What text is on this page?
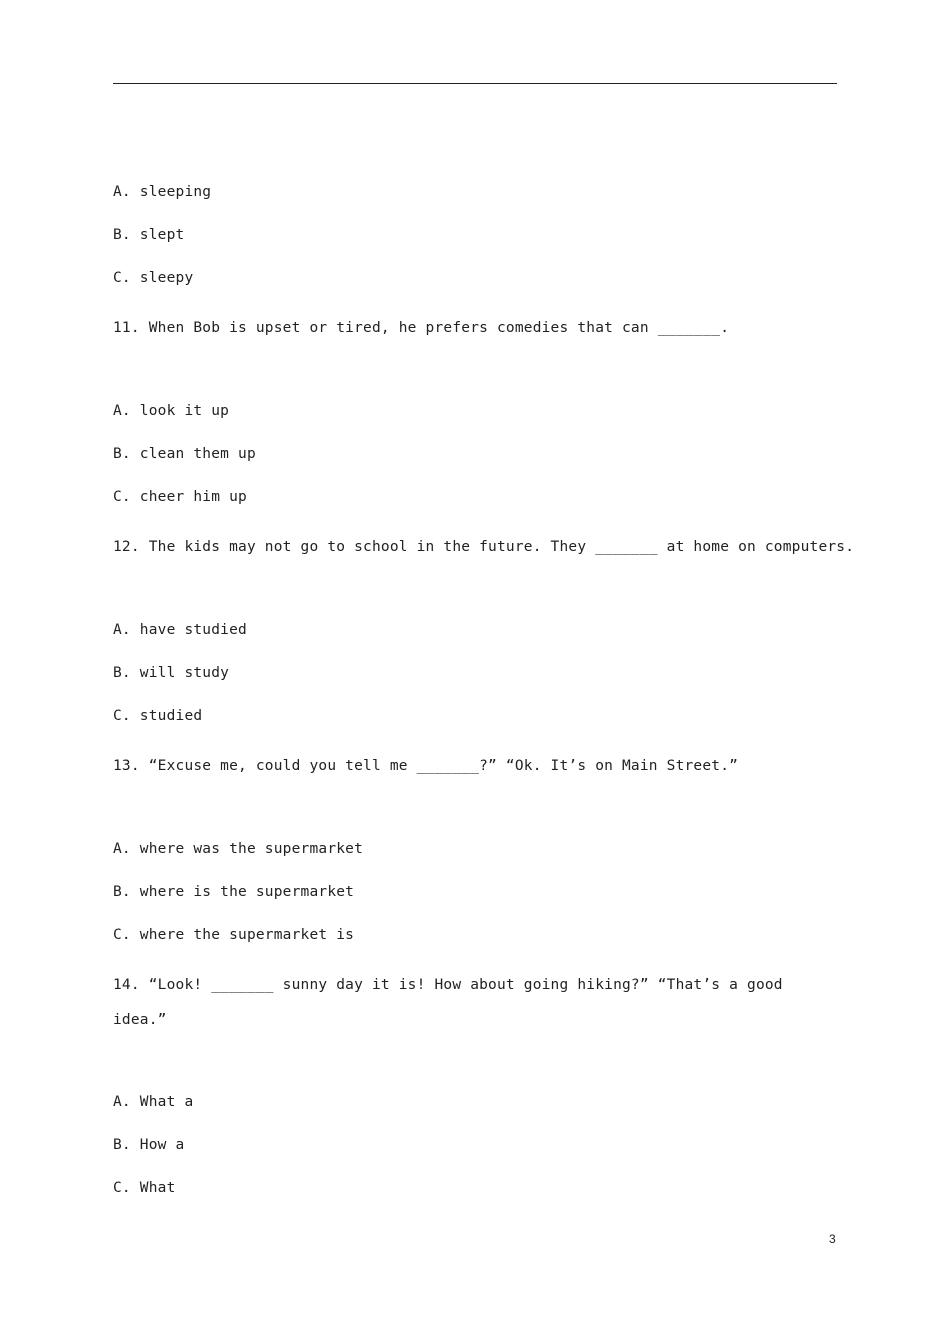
A. sleeping
B. slept
C. sleepy
11. When Bob is upset or tired, he prefers comedies that can _______.
A. look it up
B. clean them up
C. cheer him up
12. The kids may not go to school in the future. They _______ at home on computers.
A. have studied
B. will study
C. studied
13. “Excuse me, could you tell me _______?” “Ok. It’s on Main Street.”
A. where was the supermarket
B. where is the supermarket
C. where the supermarket is
14. “Look! _______ sunny day it is! How about going hiking?” “That’s a good
idea.”
A. What a
B. How a
C. What
3
